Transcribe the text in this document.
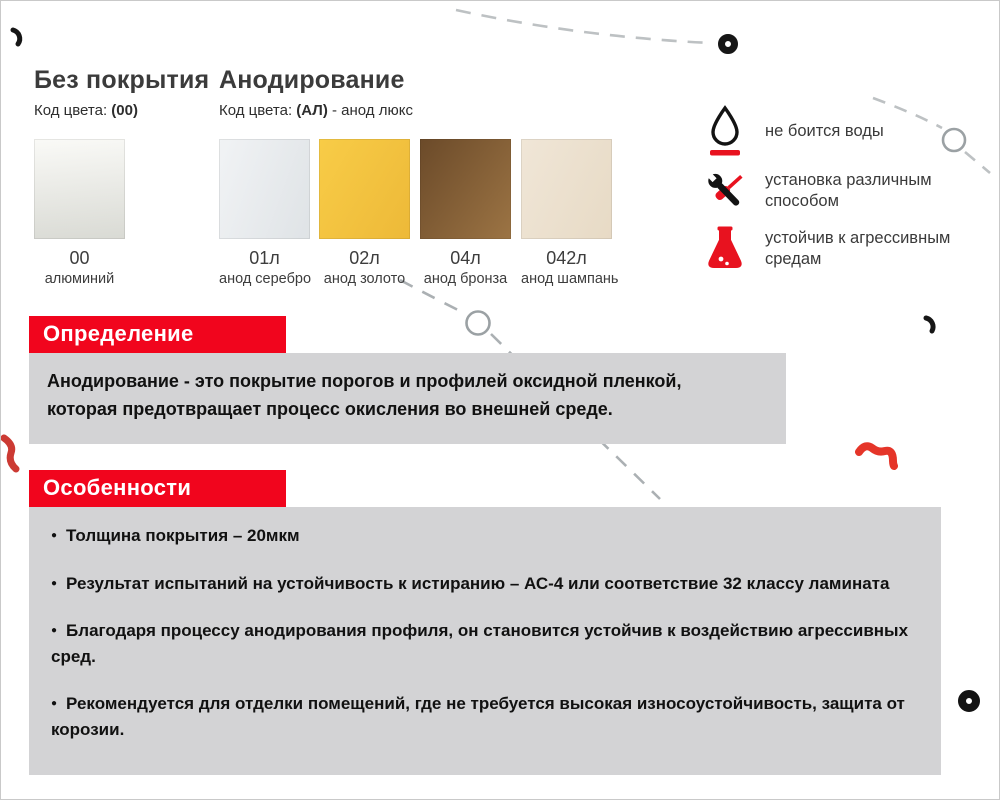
Без покрытия
Код цвета: (00)
Анодирование
Код цвета: (АЛ) - анод люкс
00
алюминий
01л
анод серебро
02л
анод золото
04л
анод бронза
042л
анод шампань
не боится воды
установка различным способом
устойчив к агрессивным средам
Определение

Анодирование - это покрытие порогов и профилей оксидной пленкой, которая предотвращает процесс окисления во внешней среде.

Особенности

● Толщина покрытия – 20мкм

● Результат испытаний на устойчивость к истиранию – АС-4 или соответствие 32 классу ламината

● Благодаря процессу анодирования профиля, он становится устойчив к воздействию агрессивных сред.

● Рекомендуется для отделки помещений, где не требуется высокая износоустойчивость, защита от корозии.
